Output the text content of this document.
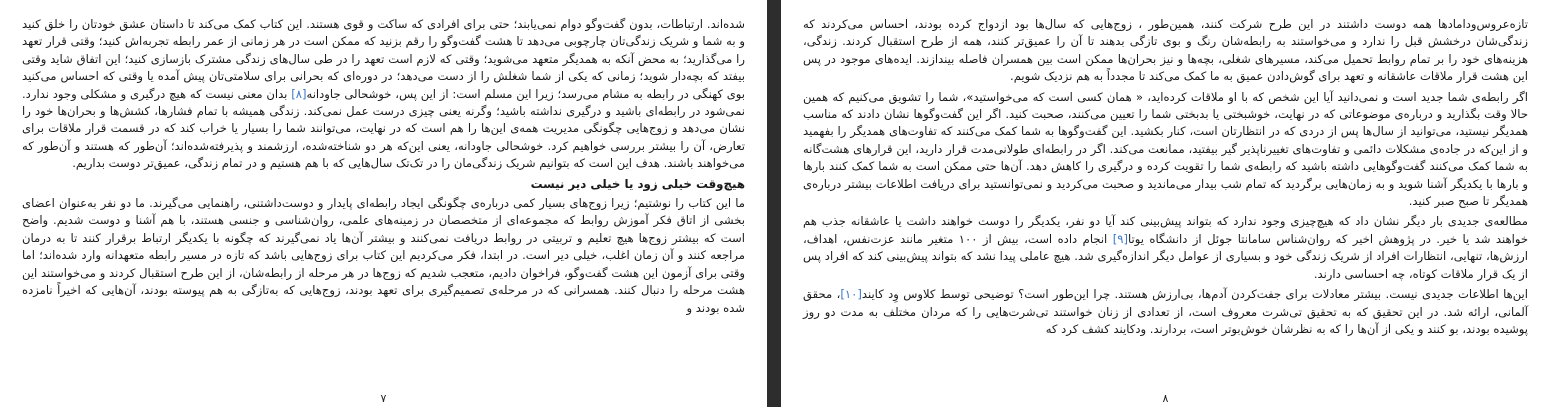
شده‌اند. ارتباطات، بدون گفت‌وگو دوام نمی‌یابند؛ حتی برای افرادی که ساکت و قوی هستند. این کتاب کمک می‌کند تا داستان عشق خودتان را خلق کنید و به شما و شریک زندگی‌تان چارچوبی می‌دهد تا هشت گفت‌وگو را رقم بزنید که ممکن است در هر زمانی از عمر رابطه تجربه‌اش کنید؛ وقتی قرار تعهد را می‌گذارید؛ به محض آنکه به همدیگر متعهد می‌شوید؛ وقتی که لازم است تعهد را در طی سال‌های زندگی مشترک بازسازی کنید؛ این اتفاق شاید وقتی بیفتد که بچه‌دار شوید؛ زمانی که یکی از شما شغلش را از دست می‌دهد؛ در دوره‌ای که بحرانی برای سلامتی‌تان پیش آمده یا وقتی که احساس می‌کنید بوی کهنگی در رابطه به مشام می‌رسد؛ زیرا این مسلم است: از این پس، خوشحالی جاودانه[۸] بدان معنی نیست که هیچ درگیری و مشکلی وجود ندارد. نمی‌شود در رابطه‌ای باشید و درگیری نداشته باشید؛ وگرنه یعنی چیزی درست عمل نمی‌کند. زندگی همیشه با تمام فشارها، کشش‌ها و بحران‌ها خود را نشان می‌دهد و زوج‌هایی چگونگی مدیریت همه‌ی این‌ها را هم است که در نهایت، می‌توانند شما را بسیار یا خراب کند که در قسمت قرار ملاقات برای تعارض، آن را بیشتر بررسی خواهیم کرد. خوشحالی جاودانه، یعنی این‌که هر دو شناخته‌شده، ارزشمند و پذیرفته‌شده‌اند؛ آن‌طور که هستند و آن‌طور که می‌خواهند باشند. هدف این است که بتوانیم شریک زندگی‌مان را در تک‌تک سال‌هایی که با هم هستیم و در تمام زندگی، عمیق‌تر دوست بداریم.

هیچ‌وقت خیلی زود یا خیلی دیر نیست

ما این کتاب را نوشتیم؛ زیرا زوج‌های بسیار کمی درباره‌ی چگونگی ایجاد رابطه‌ای پایدار و دوست‌داشتنی، راهنمایی می‌گیرند. ما دو نفر به‌عنوان اعضای بخشی از اتاق فکر آموزش روابط که مجموعه‌ای از متخصصان در زمینه‌های علمی، روان‌شناسی و جنسی هستند، با هم آشنا و دوست شدیم. واضح است که بیشتر زوج‌ها هیچ تعلیم و تربیتی در روابط دریافت نمی‌کنند و بیشتر آن‌ها یاد نمی‌گیرند که چگونه با یکدیگر ارتباط برقرار کنند تا به درمان مراجعه کنند و آن زمان اغلب، خیلی دیر است. در ابتدا، فکر می‌کردیم این کتاب برای زوج‌هایی باشد که تازه در مسیر رابطه متعهدانه وارد شده‌اند؛ اما وقتی برای آزمون این هشت گفت‌وگو، فراخوان دادیم، متعجب شدیم که زوج‌ها در هر مرحله از رابطه‌شان، از این طرح استقبال کردند و می‌خواستند این هشت مرحله را دنبال کنند. همسرانی که در مرحله‌ی تصمیم‌گیری برای تعهد بودند، زوج‌هایی که به‌تازگی به هم پیوسته بودند، آن‌هایی که اخیراً نامزده شده بودند و

۷

تازه‌عروس‌ودامادها همه دوست داشتند در این طرح شرکت کنند، همین‌طور ، زوج‌هایی که سال‌ها بود ازدواج کرده بودند، احساس می‌کردند که زندگی‌شان درخشش قبل را ندارد و می‌خواستند به رابطه‌شان رنگ و بوی تازگی بدهند تا آن را عمیق‌تر کنند، همه از طرح استقبال کردند. زندگی، هزینه‌های خود را بر تمام روابط تحمیل می‌کند، مسیرهای شغلی، بچه‌ها و نیز بحران‌ها ممکن است بین همسران فاصله بیندازند. ایده‌های موجود در پس این هشت قرار ملاقات عاشقانه و تعهد برای گوش‌دادن عمیق به ما کمک می‌کند تا مجدداً به هم نزدیک شویم.

اگر رابطه‌ی شما جدید است و نمی‌دانید آیا این شخص که با او ملاقات کرده‌اید، « همان کسی است که می‌خواستید»، شما را تشویق می‌کنیم که همین حالا وقت بگذارید و درباره‌ی موضوعاتی که در نهایت، خوشبختی یا بدبختی شما را تعیین می‌کنند، صحبت کنید. اگر این گفت‌وگوها نشان دادند که مناسب همدیگر نیستید، می‌توانید از سال‌ها پس از دردی که در انتظارتان است، کنار بکشید. این گفت‌وگوها به شما کمک می‌کنند که تفاوت‌های همدیگر را بفهمید و از این‌که در جاده‌ی مشکلات دائمی و تفاوت‌های تغییرناپذیر گیر بیفتید، ممانعت می‌کند. اگر در رابطه‌ای طولانی‌مدت قرار دارید، این قرارهای هشت‌گانه به شما کمک می‌کنند گفت‌وگوهایی داشته باشید که رابطه‌ی شما را تقویت کرده و درگیری را کاهش دهد. آن‌ها حتی ممکن است به شما کمک کنند بارها و بارها با یکدیگر آشنا شوید و به زمان‌هایی برگردید که تمام شب بیدار می‌ماندید و صحبت می‌کردید و نمی‌توانستید برای دریافت اطلاعات بیشتر درباره‌ی همدیگر تا صبح صبر کنید.

مطالعه‌ی جدیدی بار دیگر نشان داد که هیچ‌چیزی وجود ندارد که بتواند پیش‌بینی کند آیا دو نفر، یکدیگر را دوست خواهند داشت یا عاشقانه جذب هم خواهند شد یا خیر. در پژوهش اخیر که روان‌شناس سامانتا جوئل از دانشگاه یوتا[۹] انجام داده است، بیش از ۱۰۰ متغیر مانند عزت‌نفس، اهداف، ارزش‌ها، تنهایی، انتظارات افراد از شریک زندگی خود و بسیاری از عوامل دیگر اندازه‌گیری شد. هیچ عاملی پیدا نشد که بتواند پیش‌بینی کند که افراد پس از یک قرار ملاقات کوتاه، چه احساسی دارند.

این‌ها اطلاعات جدیدی نیست. بیشتر معادلات برای جفت‌کردن آدم‌ها، بی‌ارزش هستند. چرا این‌طور است؟ توضیحی توسط کلاوس وِد کایند[۱۰]، محقق آلمانی، ارائه شد. در این تحقیق که به تحقیق تی‌شرت معروف است، از تعدادی از زنان خواستند تی‌شرت‌هایی را که مردان مختلف به مدت دو روز پوشیده بودند، بو کنند و یکی از آن‌ها را که به نظرشان خوش‌بوتر است، بردارند. ودکایند کشف کرد که

۸
